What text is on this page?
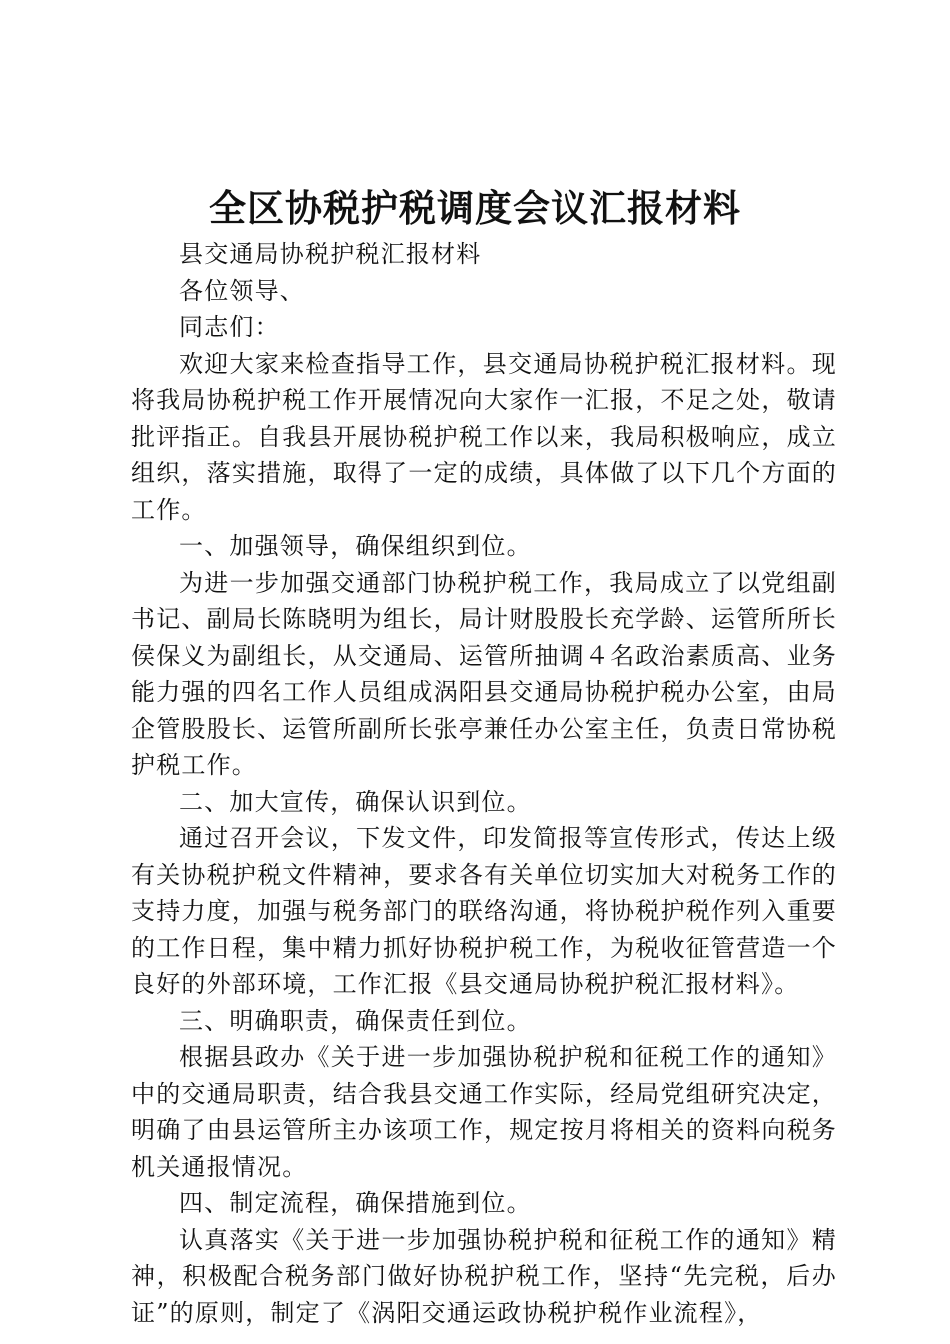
全区协税护税调度会议汇报材料

县交通局协税护税汇报材料

各位领导、

同志们：

欢迎大家来检查指导工作，县交通局协税护税汇报材料。现将我局协税护税工作开展情况向大家作一汇报，不足之处，敬请批评指正。自我县开展协税护税工作以来，我局积极响应，成立组织，落实措施，取得了一定的成绩，具体做了以下几个方面的工作。

一、加强领导，确保组织到位。

为进一步加强交通部门协税护税工作，我局成立了以党组副书记、副局长陈晓明为组长，局计财股股长充学龄、运管所所长侯保义为副组长，从交通局、运管所抽调４名政治素质高、业务能力强的四名工作人员组成涡阳县交通局协税护税办公室，由局企管股股长、运管所副所长张亭兼任办公室主任，负责日常协税护税工作。

二、加大宣传，确保认识到位。

通过召开会议，下发文件，印发简报等宣传形式，传达上级有关协税护税文件精神，要求各有关单位切实加大对税务工作的支持力度，加强与税务部门的联络沟通，将协税护税作列入重要的工作日程，集中精力抓好协税护税工作，为税收征管营造一个良好的外部环境，工作汇报《县交通局协税护税汇报材料》。

三、明确职责，确保责任到位。

根据县政办《关于进一步加强协税护税和征税工作的通知》中的交通局职责，结合我县交通工作实际，经局党组研究决定，明确了由县运管所主办该项工作，规定按月将相关的资料向税务机关通报情况。

四、制定流程，确保措施到位。

认真落实《关于进一步加强协税护税和征税工作的通知》精神，积极配合税务部门做好协税护税工作，坚持“先完税，后办证”的原则，制定了《涡阳交通运政协税护税作业流程》，
